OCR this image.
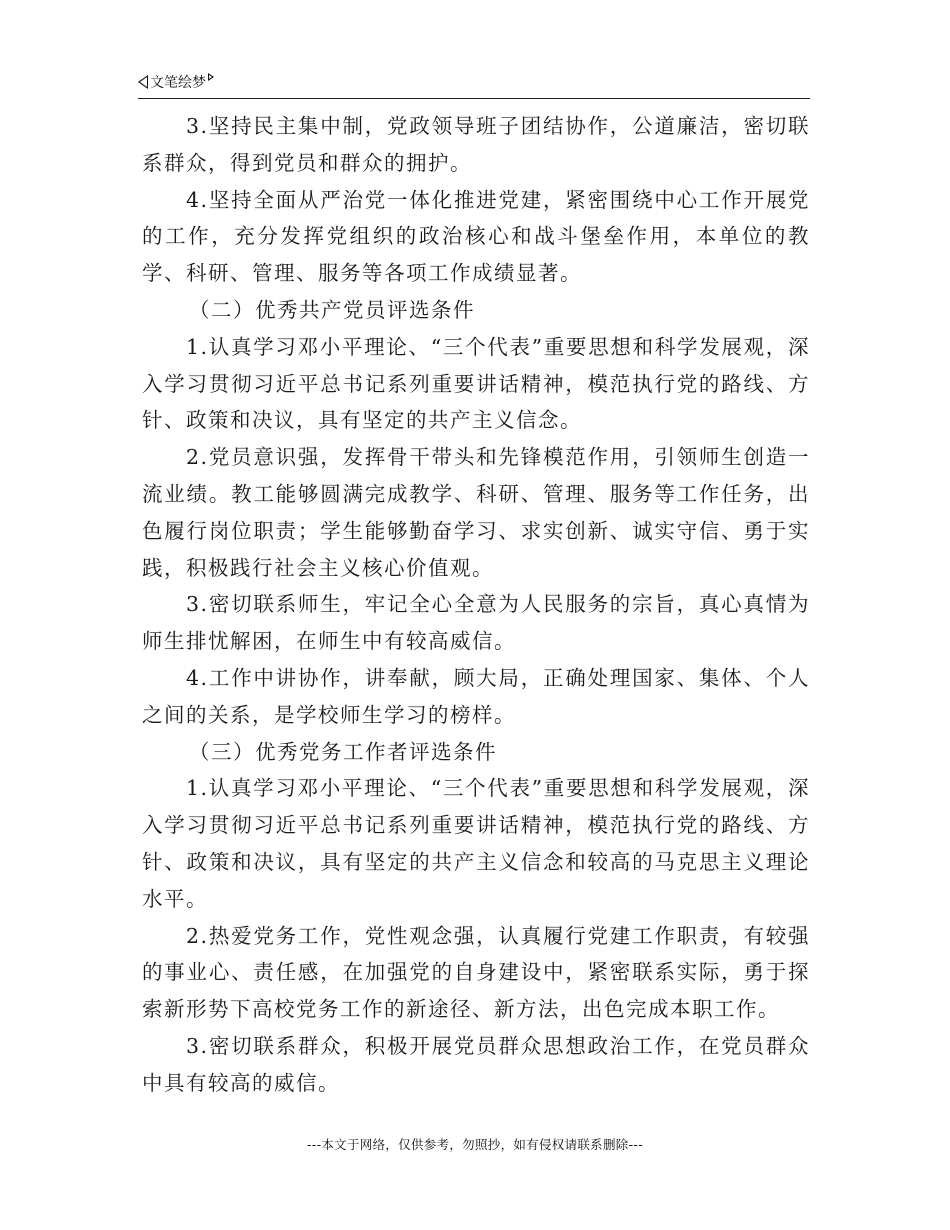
文笔绘梦

3.坚持民主集中制，党政领导班子团结协作，公道廉洁，密切联系群众，得到党员和群众的拥护。

4.坚持全面从严治党一体化推进党建，紧密围绕中心工作开展党的工作，充分发挥党组织的政治核心和战斗堡垒作用，本单位的教学、科研、管理、服务等各项工作成绩显著。

（二）优秀共产党员评选条件

1.认真学习邓小平理论、“三个代表”重要思想和科学发展观，深入学习贯彻习近平总书记系列重要讲话精神，模范执行党的路线、方针、政策和决议，具有坚定的共产主义信念。

2.党员意识强，发挥骨干带头和先锋模范作用，引领师生创造一流业绩。教工能够圆满完成教学、科研、管理、服务等工作任务，出色履行岗位职责；学生能够勤奋学习、求实创新、诚实守信、勇于实践，积极践行社会主义核心价值观。

3.密切联系师生，牢记全心全意为人民服务的宗旨，真心真情为师生排忧解困，在师生中有较高威信。

4.工作中讲协作，讲奉献，顾大局，正确处理国家、集体、个人之间的关系，是学校师生学习的榜样。

（三）优秀党务工作者评选条件

1.认真学习邓小平理论、“三个代表”重要思想和科学发展观，深入学习贯彻习近平总书记系列重要讲话精神，模范执行党的路线、方针、政策和决议，具有坚定的共产主义信念和较高的马克思主义理论水平。

2.热爱党务工作，党性观念强，认真履行党建工作职责，有较强的事业心、责任感，在加强党的自身建设中，紧密联系实际，勇于探索新形势下高校党务工作的新途径、新方法，出色完成本职工作。

3.密切联系群众，积极开展党员群众思想政治工作，在党员群众中具有较高的威信。

---本文于网络，仅供参考，勿照抄，如有侵权请联系删除---
